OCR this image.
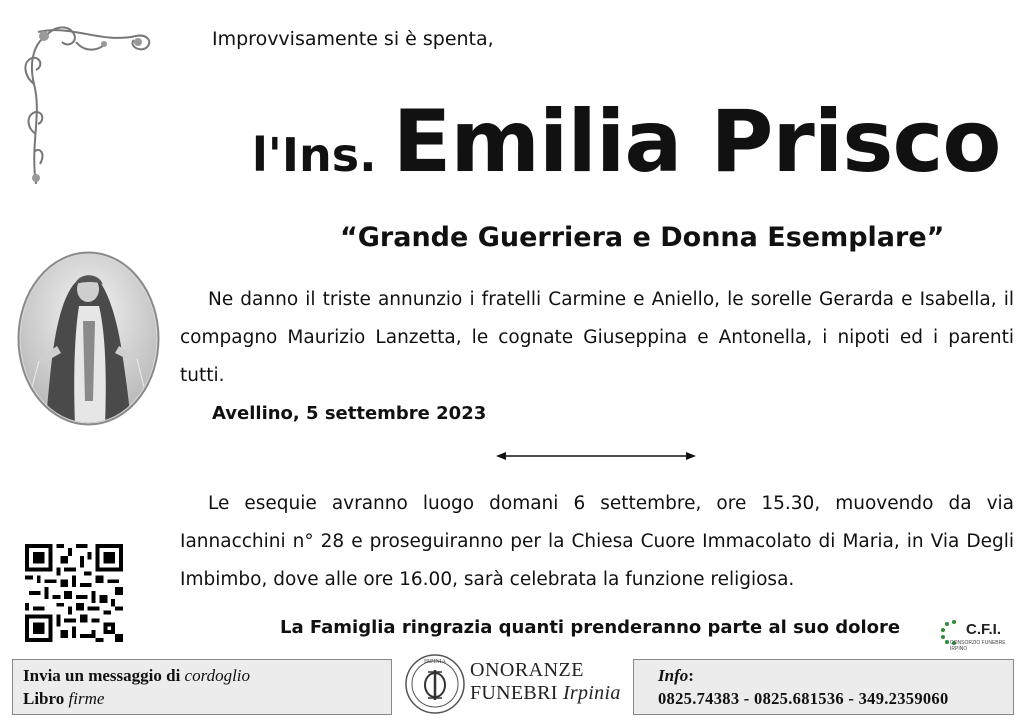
Improvvisamente si è spenta,
l'Ins. Emilia Prisco
“Grande Guerriera e Donna Esemplare”
Ne danno il triste annunzio i fratelli Carmine e Aniello, le sorelle Gerarda e Isabella, il compagno Maurizio Lanzetta, le cognate Giuseppina e Antonella, i nipoti ed i parenti tutti.
Avellino, 5 settembre 2023
Le esequie avranno luogo domani 6 settembre, ore 15.30, muovendo da via Iannacchini n° 28 e proseguiranno per la Chiesa Cuore Immacolato di Maria, in Via Degli Imbimbo, dove alle ore 16.00, sarà celebrata la funzione religiosa.
La Famiglia ringrazia quanti prenderanno parte al suo dolore	C.F.I.
CONSORZIO FUNEBRE IRPINO
Invia un messaggio di cordoglio
Libro firme
IRPINIA ONORANZE
FUNEBRI Irpinia
Info:
0825.74383 - 0825.681536 - 349.2359060
